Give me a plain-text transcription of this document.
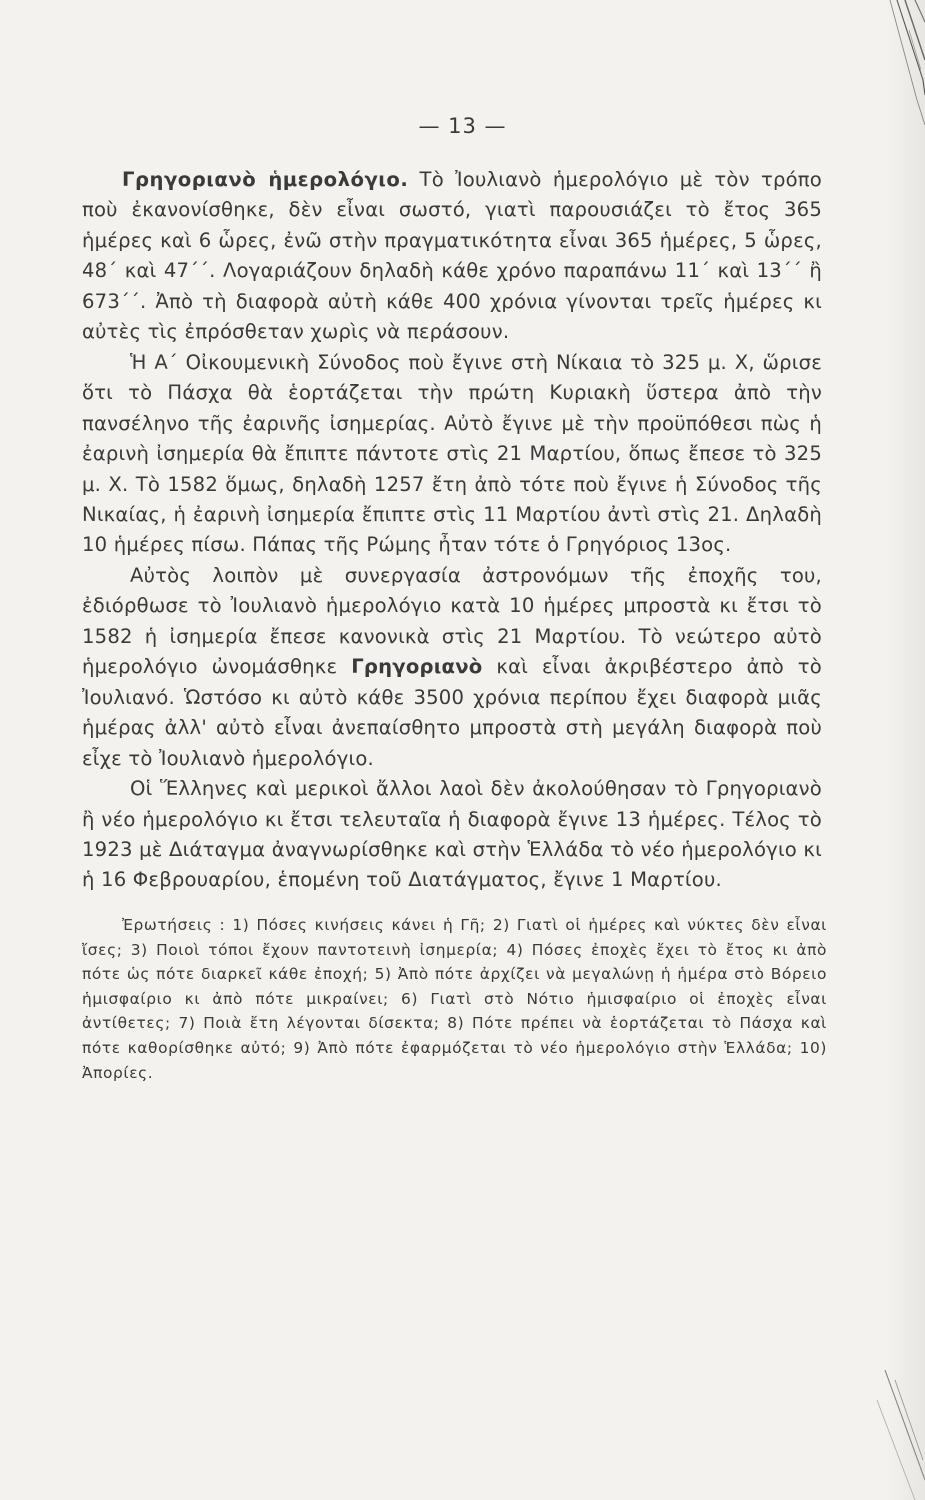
— 13 —

Γρηγοριανὸ ἡμερολόγιο. Τὸ Ἰουλιανὸ ἡμερολόγιο μὲ τὸν τρόπο ποὺ ἐκανονίσθηκε, δὲν εἶναι σωστό, γιατὶ παρουσιάζει τὸ ἔτος 365 ἡμέρες καὶ 6 ὧρες, ἐνῶ στὴν πραγματικότητα εἶναι 365 ἡμέρες, 5 ὧρες, 48΄ καὶ 47΄΄. Λογαριάζουν δηλαδὴ κάθε χρόνο παραπάνω 11΄ καὶ 13΄΄ ἢ 673΄΄. Ἀπὸ τὴ διαφορὰ αὐτὴ κάθε 400 χρόνια γίνονται τρεῖς ἡμέρες κι αὐτὲς τὶς ἐπρόσθεταν χωρὶς νὰ περάσουν.

Ἡ Α΄ Οἰκουμενικὴ Σύνοδος ποὺ ἔγινε στὴ Νίκαια τὸ 325 μ. Χ, ὥρισε ὅτι τὸ Πάσχα θὰ ἑορτάζεται τὴν πρώτη Κυριακὴ ὕστερα ἀπὸ τὴν πανσέληνο τῆς ἐαρινῆς ἰσημερίας. Αὐτὸ ἔγινε μὲ τὴν προϋπόθεσι πὼς ἡ ἐαρινὴ ἰσημερία θὰ ἔπιπτε πάντοτε στὶς 21 Μαρτίου, ὅπως ἔπεσε τὸ 325 μ. Χ. Τὸ 1582 ὅμως, δηλαδὴ 1257 ἔτη ἀπὸ τότε ποὺ ἔγινε ἡ Σύνοδος τῆς Νικαίας, ἡ ἐαρινὴ ἰσημερία ἔπιπτε στὶς 11 Μαρτίου ἀντὶ στὶς 21. Δηλαδὴ 10 ἡμέρες πίσω. Πάπας τῆς Ρώμης ἦταν τότε ὁ Γρηγόριος 13ος.

Αὐτὸς λοιπὸν μὲ συνεργασία ἀστρονόμων τῆς ἐποχῆς του, ἐδιόρθωσε τὸ Ἰουλιανὸ ἡμερολόγιο κατὰ 10 ἡμέρες μπροστὰ κι ἔτσι τὸ 1582 ἡ ἰσημερία ἔπεσε κανονικὰ στὶς 21 Μαρτίου. Τὸ νεώτερο αὐτὸ ἡμερολόγιο ὠνομάσθηκε Γρηγοριανὸ καὶ εἶναι ἀκριβέστερο ἀπὸ τὸ Ἰουλιανό. Ὡστόσο κι αὐτὸ κάθε 3500 χρόνια περίπου ἔχει διαφορὰ μιᾶς ἡμέρας ἀλλ' αὐτὸ εἶναι ἀνεπαίσθητο μπροστὰ στὴ μεγάλη διαφορὰ ποὺ εἶχε τὸ Ἰουλιανὸ ἡμερολόγιο.

Οἱ Ἕλληνες καὶ μερικοὶ ἄλλοι λαοὶ δὲν ἀκολούθησαν τὸ Γρηγοριανὸ ἢ νέο ἡμερολόγιο κι ἔτσι τελευταῖα ἡ διαφορὰ ἔγινε 13 ἡμέρες. Τέλος τὸ 1923 μὲ Διάταγμα ἀναγνωρίσθηκε καὶ στὴν Ἑλλάδα τὸ νέο ἡμερολόγιο κι ἡ 16 Φεβρουαρίου, ἑπομένη τοῦ Διατάγματος, ἔγινε 1 Μαρτίου.

Ἐρωτήσεις : 1) Πόσες κινήσεις κάνει ἡ Γῆ; 2) Γιατὶ οἱ ἡμέρες καὶ νύκτες δὲν εἶναι ἴσες; 3) Ποιοὶ τόποι ἔχουν παντοτεινὴ ἰσημερία; 4) Πόσες ἐποχὲς ἔχει τὸ ἔτος κι ἀπὸ πότε ὡς πότε διαρκεῖ κάθε ἐποχή; 5) Ἀπὸ πότε ἀρχίζει νὰ μεγαλώνῃ ἡ ἡμέρα στὸ Βόρειο ἡμισφαίριο κι ἀπὸ πότε μικραίνει; 6) Γιατὶ στὸ Νότιο ἡμισφαίριο οἱ ἐποχὲς εἶναι ἀντίθετες; 7) Ποιὰ ἔτη λέγονται δίσεκτα; 8) Πότε πρέπει νὰ ἑορτάζεται τὸ Πάσχα καὶ πότε καθορίσθηκε αὐτό; 9) Ἀπὸ πότε ἐφαρμόζεται τὸ νέο ἡμερολόγιο στὴν Ἑλλάδα; 10) Ἀπορίες.
